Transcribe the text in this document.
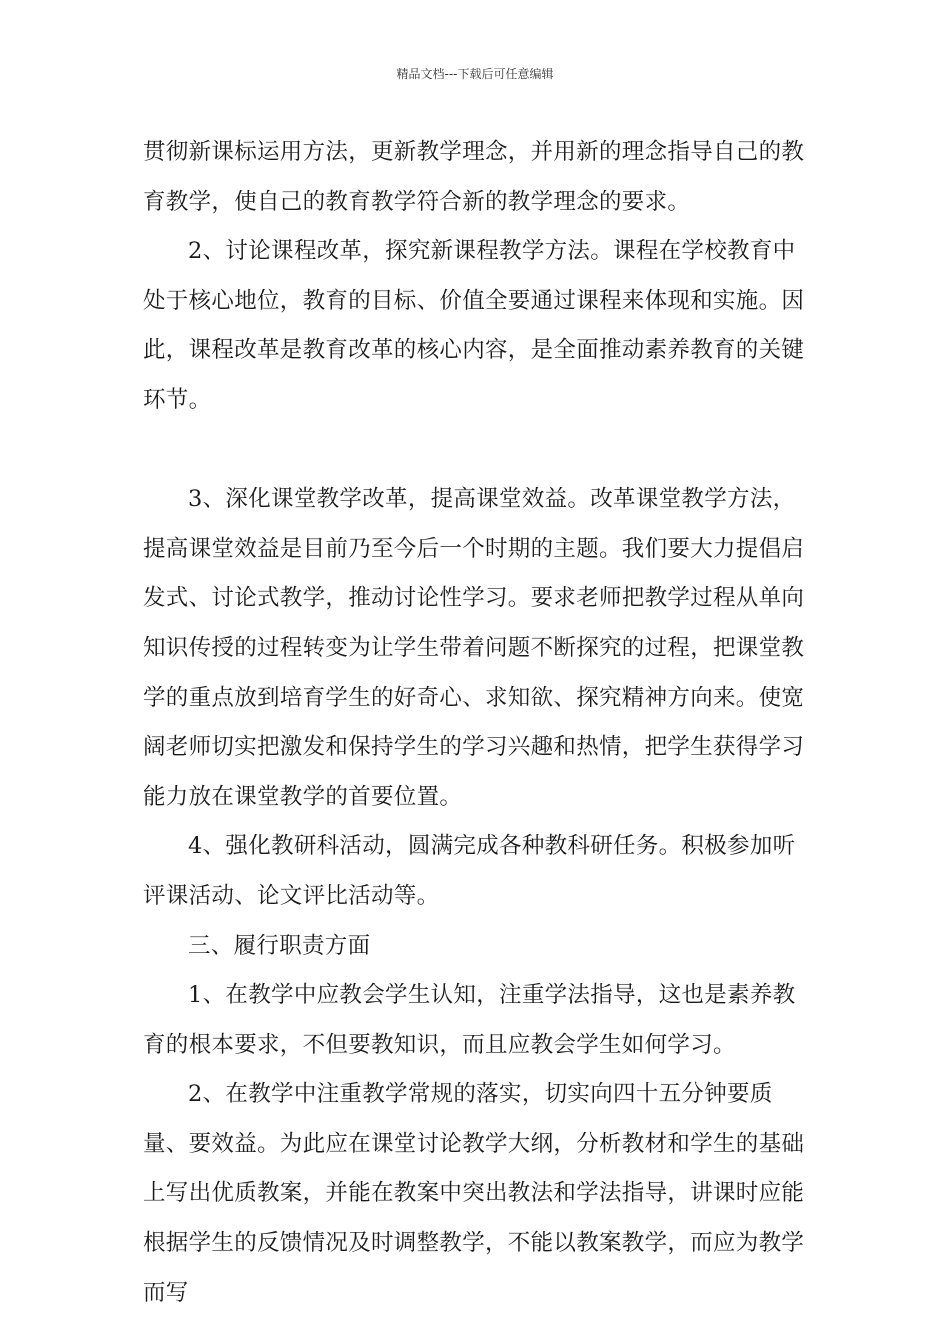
精品文档---下载后可任意编辑

贯彻新课标运用方法，更新教学理念，并用新的理念指导自己的教育教学，使自己的教育教学符合新的教学理念的要求。

2、讨论课程改革，探究新课程教学方法。课程在学校教育中处于核心地位，教育的目标、价值全要通过课程来体现和实施。因此，课程改革是教育改革的核心内容，是全面推动素养教育的关键环节。

3、深化课堂教学改革，提高课堂效益。改革课堂教学方法，提高课堂效益是目前乃至今后一个时期的主题。我们要大力提倡启发式、讨论式教学，推动讨论性学习。要求老师把教学过程从单向知识传授的过程转变为让学生带着问题不断探究的过程，把课堂教学的重点放到培育学生的好奇心、求知欲、探究精神方向来。使宽阔老师切实把激发和保持学生的学习兴趣和热情，把学生获得学习能力放在课堂教学的首要位置。

4、强化教研科活动，圆满完成各种教科研任务。积极参加听评课活动、论文评比活动等。

三、履行职责方面

1、在教学中应教会学生认知，注重学法指导，这也是素养教育的根本要求，不但要教知识，而且应教会学生如何学习。

2、在教学中注重教学常规的落实，切实向四十五分钟要质量、要效益。为此应在课堂讨论教学大纲，分析教材和学生的基础上写出优质教案，并能在教案中突出教法和学法指导，讲课时应能根据学生的反馈情况及时调整教学，不能以教案教学，而应为教学而写
